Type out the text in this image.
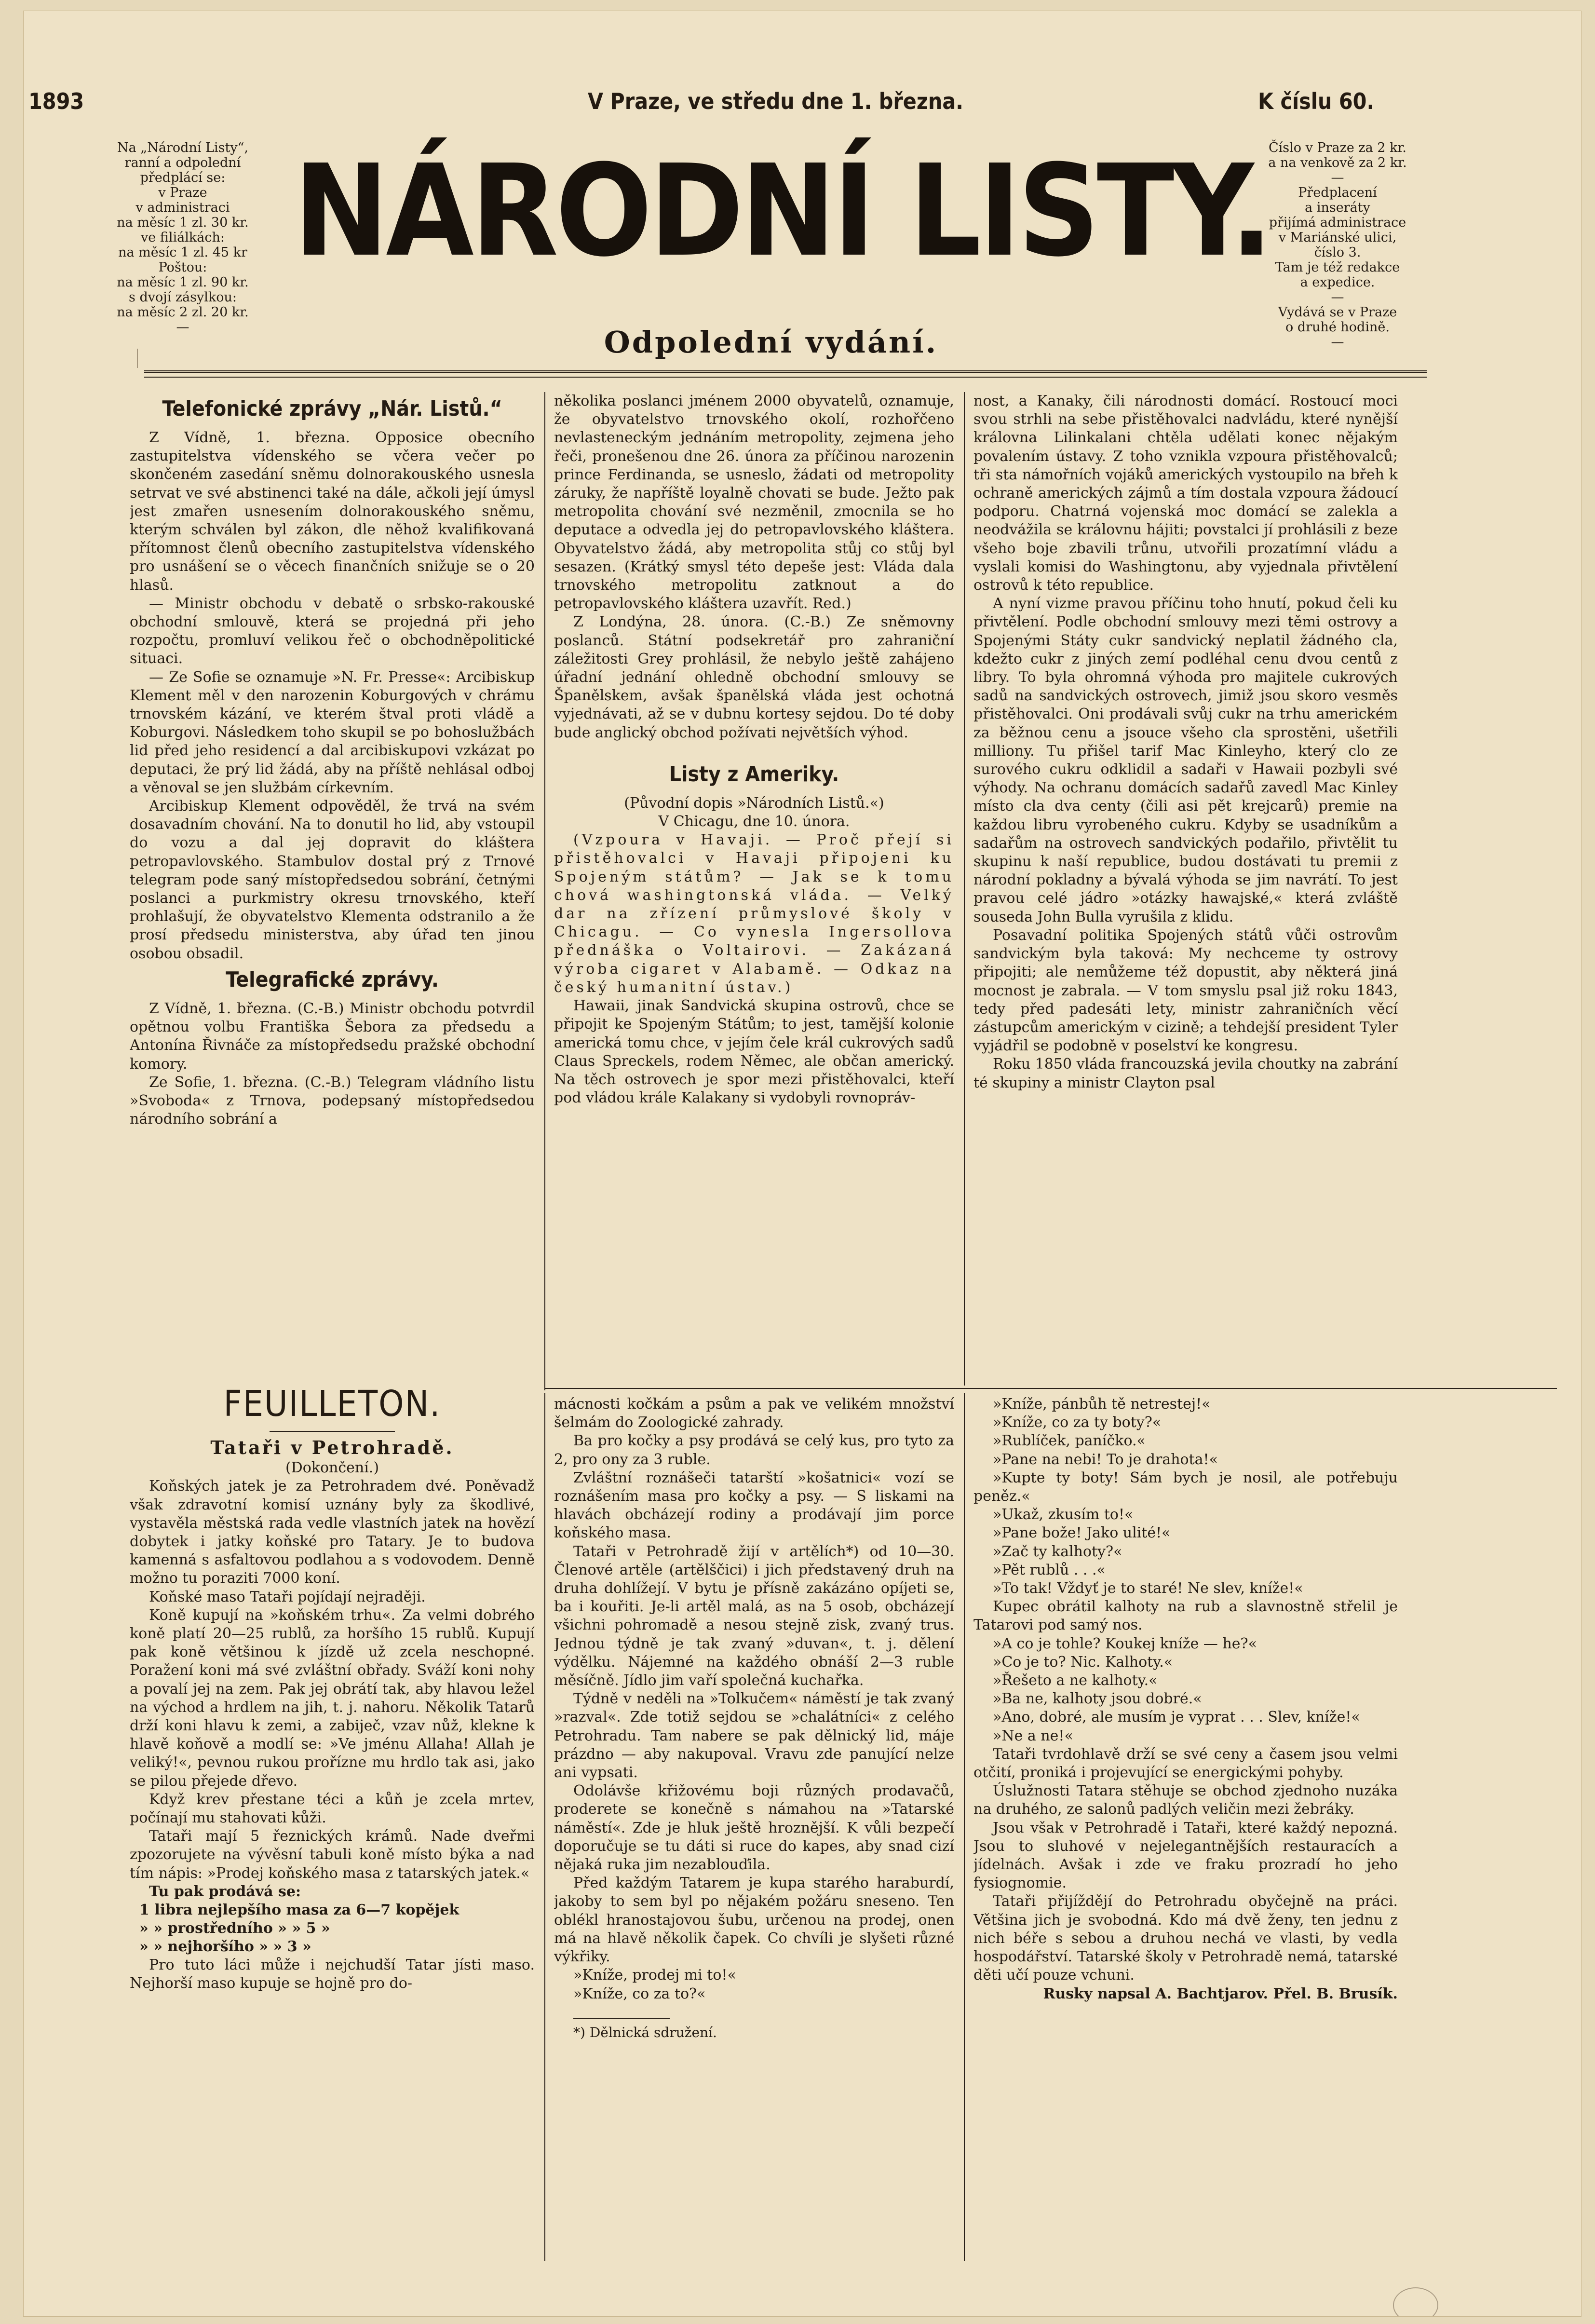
1893	V Praze, ve středu dne 1. března.	K číslu 60.
Na „Národní Listy“,
ranní a odpolední
předplácí se:
v Praze
v administraci
na měsíc 1 zl. 30 kr.
ve filiálkách:
na měsíc 1 zl. 45 kr
Poštou:
na měsíc 1 zl. 90 kr.
s dvojí zásylkou:
na měsíc 2 zl. 20 kr.
—
NÁRODNÍ LISTY.
Odpolední vydání.
Číslo v Praze za 2 kr.
a na venkově za 2 kr.
—
Předplacení
a inseráty
přijímá administrace
v Mariánské ulici,
číslo 3.
Tam je též redakce
a expedice.
—
Vydává se v Praze
o druhé hodině.
—
Telefonické zprávy „Nár. Listů.“

Z Vídně, 1. března. Opposice obecního zastupitelstva vídenského se včera večer po skončeném zasedání sněmu dolnorakouského usnesla setrvat ve své abstinenci také na dále, ačkoli její úmysl jest zmařen usnesením dolnorakouského sněmu, kterým schválen byl zákon, dle něhož kvalifikovaná přítomnost členů obecního zastupitelstva vídenského pro usnášení se o věcech finančních snižuje se o 20 hlasů.

— Ministr obchodu v debatě o srbsko-rakouské obchodní smlouvě, která se projedná při jeho rozpočtu, promluví velikou řeč o obchodněpolitické situaci.

— Ze Sofie se oznamuje »N. Fr. Presse«: Arcibiskup Klement měl v den narozenin Koburgových v chrámu trnovském kázání, ve kterém štval proti vládě a Koburgovi. Následkem toho skupil se po bohoslužbách lid před jeho residencí a dal arcibiskupovi vzkázat po deputaci, že prý lid žádá, aby na příště nehlásal odboj a věnoval se jen službám církevním.

Arcibiskup Klement odpověděl, že trvá na svém dosavadním chování. Na to donutil ho lid, aby vstoupil do vozu a dal jej dopravit do kláštera petropavlovského. Stambulov dostal prý z Trnové telegram pode saný místopředsedou sobrání, četnými poslanci a purkmistry okresu trnovského, kteří prohlašují, že obyvatelstvo Klementa odstranilo a že prosí předsedu ministerstva, aby úřad ten jinou osobou obsadil.

Telegrafické zprávy.

Z Vídně, 1. března. (C.-B.) Ministr obchodu potvrdil opětnou volbu Františka Šebora za předsedu a Antonína Řivnáče za místopředsedu pražské obchodní komory.

Ze Sofie, 1. března. (C.-B.) Telegram vládního listu »Svoboda« z Trnova, podepsaný místopředsedou národního sobrání a

několika poslanci jménem 2000 obyvatelů, oznamuje, že obyvatelstvo trnovského okolí, rozhořčeno nevlasteneckým jednáním metropolity, zejmena jeho řeči, pronešenou dne 26. února za příčinou narozenin prince Ferdinanda, se usneslo, žádati od metropolity záruky, že napříště loyalně chovati se bude. Ježto pak metropolita chování své nezměnil, zmocnila se ho deputace a odvedla jej do petropavlovského kláštera. Obyvatelstvo žádá, aby metropolita stůj co stůj byl sesazen. (Krátký smysl této depeše jest: Vláda dala trnovského metropolitu zatknout a do petropavlovského kláštera uzavřít. Red.)

Z Londýna, 28. února. (C.-B.) Ze sněmovny poslanců. Státní podsekretář pro zahraniční záležitosti Grey prohlásil, že nebylo ještě zahájeno úřadní jednání ohledně obchodní smlouvy se Španělskem, avšak španělská vláda jest ochotná vyjednávati, až se v dubnu kortesy sejdou. Do té doby bude anglický obchod požívati největších výhod.

Listy z Ameriky.
(Původní dopis »Národních Listů.«)
V Chicagu, dne 10. února.

(Vzpoura v Havaji. — Proč přejí si přistěhovalci v Havaji připojeni ku Spojeným státům? — Jak se k tomu chová washingtonská vláda. — Velký dar na zřízení průmyslové školy v Chicagu. — Co vynesla Ingersollova přednáška o Voltairovi. — Zakázaná výroba cigaret v Alabamě. — Odkaz na český humanitní ústav.)

Hawaii, jinak Sandvická skupina ostrovů, chce se připojit ke Spojeným Státům; to jest, tamější kolonie americká tomu chce, v jejím čele král cukrových sadů Claus Spreckels, rodem Němec, ale občan americký. Na těch ostrovech je spor mezi přistěhovalci, kteří pod vládou krále Kalakany si vydobyli rovnopráv-

nost, a Kanaky, čili národnosti domácí. Rostoucí moci svou strhli na sebe přistěhovalci nadvládu, které nynější královna Lilinkalani chtěla udělati konec nějakým povalením ústavy. Z toho vznikla vzpoura přistěhovalců; tři sta námořních vojáků amerických vystoupilo na břeh k ochraně amerických zájmů a tím dostala vzpoura žádoucí podporu. Chatrná vojenská moc domácí se zalekla a neodvážila se královnu hájiti; povstalci jí prohlásili z beze všeho boje zbavili trůnu, utvořili prozatímní vládu a vyslali komisi do Washingtonu, aby vyjednala přivtělení ostrovů k této republice.

A nyní vizme pravou příčinu toho hnutí, pokud čeli ku přivtělení. Podle obchodní smlouvy mezi těmi ostrovy a Spojenými Státy cukr sandvický neplatil žádného cla, kdežto cukr z jiných zemí podléhal cenu dvou centů z libry. To byla ohromná výhoda pro majitele cukrových sadů na sandvických ostrovech, jimiž jsou skoro vesměs přistěhovalci. Oni prodávali svůj cukr na trhu americkém za běžnou cenu a jsouce všeho cla sprostěni, ušetřili milliony. Tu přišel tarif Mac Kinleyho, který clo ze surového cukru odklidil a sadaři v Hawaii pozbyli své výhody. Na ochranu domácích sadařů zavedl Mac Kinley místo cla dva centy (čili asi pět krejcarů) premie na každou libru vyrobeného cukru. Kdyby se usadníkům a sadařům na ostrovech sandvických podařilo, přivtělit tu skupinu k naší republice, budou dostávati tu premii z národní pokladny a bývalá výhoda se jim navrátí. To jest pravou celé jádro »otázky hawajské,« která zvláště souseda John Bulla vyrušila z klidu.

Posavadní politika Spojených států vůči ostrovům sandvickým byla taková: My nechceme ty ostrovy připojiti; ale nemůžeme též dopustit, aby některá jiná mocnost je zabrala. — V tom smyslu psal již roku 1843, tedy před padesáti lety, ministr zahraničních věcí zástupcům americkým v cizině; a tehdejší president Tyler vyjádřil se podobně v poselství ke kongresu.

Roku 1850 vláda francouzská jevila choutky na zabrání té skupiny a ministr Clayton psal

FEUILLETON.
Tataři v Petrohradě.
(Dokončení.)

Koňských jatek je za Petrohradem dvé. Poněvadž však zdravotní komisí uznány byly za škodlivé, vystavěla městská rada vedle vlastních jatek na hovězí dobytek i jatky koňské pro Tatary. Je to budova kamenná s asfaltovou podlahou a s vodovodem. Denně možno tu poraziti 7000 koní.

Koňské maso Tataři pojídají nejraději.

Koně kupují na »koňském trhu«. Za velmi dobrého koně platí 20—25 rublů, za horšího 15 rublů. Kupují pak koně většinou k jízdě už zcela neschopné. Poražení koni má své zvláštní obřady. Sváží koni nohy a povalí jej na zem. Pak jej obrátí tak, aby hlavou ležel na východ a hrdlem na jih, t. j. nahoru. Několik Tatarů drží koni hlavu k zemi, a zabiječ, vzav nůž, klekne k hlavě koňově a modlí se: »Ve jménu Allaha! Allah je veliký!«, pevnou rukou proříznе mu hrdlo tak asi, jako se pilou přejede dřevo.

Když krev přestane téci a kůň je zcela mrtev, počínají mu stahovati kůži.

Tataři mají 5 řeznických krámů. Nade dveřmi zpozorujete na vývěsní tabuli koně místo býka a nad tím nápis: »Prodej koňského masa z tatarských jatek.«

Tu pak prodává se:

1 libra nejlepšího masa za 6—7 kopějek
» » prostředního » » 5 »
» » nejhoršího » » 3 »

Pro tuto láci může i nejchudší Tatar jísti maso. Nejhorší maso kupuje se hojně pro do-

mácnosti kočkám a psům a pak ve velikém množství šelmám do Zoologické zahrady.

Ba pro kočky a psy prodává se celý kus, pro tyto za 2, pro ony za 3 ruble.

Zvláštní roznášeči tatarští »košatnici« vozí se roznášením masa pro kočky a psy. — S liskami na hlavách obcházejí rodiny a prodávají jim porce koňského masa.

Tataři v Petrohradě žijí v artělích*) od 10—30. Členové artěle (artělščici) i jich představený druh na druha dohlížejí. V bytu je přísně zakázáno opíjeti se, ba i kouřiti. Je-li artěl malá, as na 5 osob, obcházejí všichni pohromadě a nesou stejně zisk, zvaný trus. Jednou týdně je tak zvaný »duvan«, t. j. dělení výdělku. Nájemné na každého obnáší 2—3 ruble měsíčně. Jídlo jim vaří společná kuchařka.

Týdně v neděli na »Tolkučem« náměstí je tak zvaný »razval«. Zde totiž sejdou se »chalátníci« z celého Petrohradu. Tam nabere se pak dělnický lid, máje prázdno — aby nakupoval. Vravu zde panující nelze ani vypsati.

Odolávše křižovému boji různých prodavačů, proderete se konečně s námahou na »Tatarské náměstí«. Zde je hluk ještě hroznější. K vůli bezpečí doporučuje se tu dáti si ruce do kapes, aby snad cizí nějaká ruka jim nezablouďila.

Před každým Tatarem je kupa starého haraburdí, jakoby to sem byl po nějakém požáru sneseno. Ten oblékl hranostajovou šubu, určenou na prodej, onen má na hlavě několik čapek. Co chvíli je slyšeti různé výkřiky.

»Kníže, prodej mi to!«

»Kníže, co za to?«

*) Dělnická sdružení.

»Kníže, pánbůh tě netrestej!«

»Kníže, co za ty boty?«

»Rublíček, paníčko.«

»Pane na nebi! To je drahota!«

»Kupte ty boty! Sám bych je nosil, ale potřebuju peněz.«

»Ukaž, zkusím to!«

»Pane bože! Jako ulité!«

»Zač ty kalhoty?«

»Pět rublů . . .«

»To tak! Vždyť je to staré! Ne slev, kníže!«

Kupec obrátil kalhoty na rub a slavnostně střelil je Tatarovi pod samý nos.

»A co je tohle? Koukej kníže — he?«

»Co je to? Nic. Kalhoty.«

»Řešeto a ne kalhoty.«

»Ba ne, kalhoty jsou dobré.«

»Ano, dobré, ale musím je vyprat . . . Slev, kníže!«

»Ne a ne!«

Tataři tvrdohlavě drží se své ceny a časem jsou velmi otčití, proniká i projevující se energickými pohyby.

Úslužnosti Tatara stěhuje se obchod zjednoho nuzáka na druhého, ze salonů padlých veličin mezi žebráky.

Jsou však v Petrohradě i Tataři, které každý nepozná. Jsou to sluhové v nejelegantnějších restauracích a jídelnách. Avšak i zde ve fraku prozradí ho jeho fysiognomie.

Tataři přijíždějí do Petrohradu obyčejně na práci. Většina jich je svobodná. Kdo má dvě ženy, ten jednu z nich béře s sebou a druhou nechá ve vlasti, by vedla hospodářství. Tatarské školy v Petrohradě nemá, tatarské děti učí pouze vchuni.

Rusky napsal A. Bachtjarov. Přel. B. Brusík.
